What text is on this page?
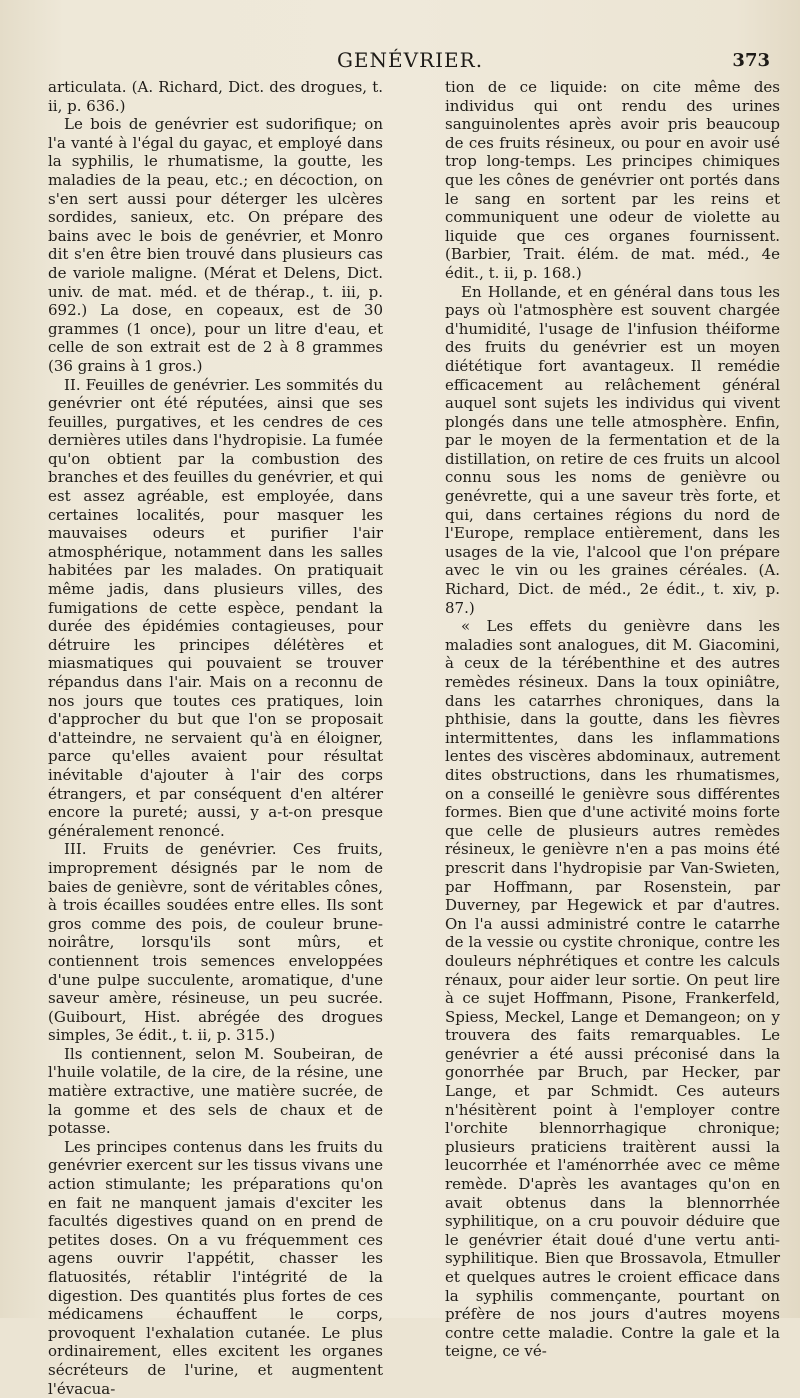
GENÉVRIER.	373

articulata. (A. Richard, Dict. des drogues, t. ii, p. 636.)

Le bois de genévrier est sudorifique; on l'a vanté à l'égal du gayac, et employé dans la syphilis, le rhumatisme, la goutte, les maladies de la peau, etc.; en décoction, on s'en sert aussi pour déterger les ulcères sordides, sanieux, etc. On prépare des bains avec le bois de genévrier, et Monro dit s'en être bien trouvé dans plusieurs cas de variole maligne. (Mérat et Delens, Dict. univ. de mat. méd. et de thérap., t. iii, p. 692.) La dose, en copeaux, est de 30 grammes (1 once), pour un litre d'eau, et celle de son extrait est de 2 à 8 grammes (36 grains à 1 gros.)

II. Feuilles de genévrier. Les sommités du genévrier ont été réputées, ainsi que ses feuilles, purgatives, et les cendres de ces dernières utiles dans l'hydropisie. La fumée qu'on obtient par la combustion des branches et des feuilles du genévrier, et qui est assez agréable, est employée, dans certaines localités, pour masquer les mauvaises odeurs et purifier l'air atmosphérique, notamment dans les salles habitées par les malades. On pratiquait même jadis, dans plusieurs villes, des fumigations de cette espèce, pendant la durée des épidémies contagieuses, pour détruire les principes délétères et miasmatiques qui pouvaient se trouver répandus dans l'air. Mais on a reconnu de nos jours que toutes ces pratiques, loin d'approcher du but que l'on se proposait d'atteindre, ne servaient qu'à en éloigner, parce qu'elles avaient pour résultat inévitable d'ajouter à l'air des corps étrangers, et par conséquent d'en altérer encore la pureté; aussi, y a-t-on presque généralement renoncé.

III. Fruits de genévrier. Ces fruits, improprement désignés par le nom de baies de genièvre, sont de véritables cônes, à trois écailles soudées entre elles. Ils sont gros comme des pois, de couleur brune-noirâtre, lorsqu'ils sont mûrs, et contiennent trois semences enveloppées d'une pulpe succulente, aromatique, d'une saveur amère, résineuse, un peu sucrée. (Guibourt, Hist. abrégée des drogues simples, 3e édit., t. ii, p. 315.)

Ils contiennent, selon M. Soubeiran, de l'huile volatile, de la cire, de la résine, une matière extractive, une matière sucrée, de la gomme et des sels de chaux et de potasse.

Les principes contenus dans les fruits du genévrier exercent sur les tissus vivans une action stimulante; les préparations qu'on en fait ne manquent jamais d'exciter les facultés digestives quand on en prend de petites doses. On a vu fréquemment ces agens ouvrir l'appétit, chasser les flatuosités, rétablir l'intégrité de la digestion. Des quantités plus fortes de ces médicamens échauffent le corps, provoquent l'exhalation cutanée. Le plus ordinairement, elles excitent les organes sécréteurs de l'urine, et augmentent l'évacua-

tion de ce liquide: on cite même des individus qui ont rendu des urines sanguinolentes après avoir pris beaucoup de ces fruits résineux, ou pour en avoir usé trop long-temps. Les principes chimiques que les cônes de genévrier ont portés dans le sang en sortent par les reins et communiquent une odeur de violette au liquide que ces organes fournissent. (Barbier, Trait. élém. de mat. méd., 4e édit., t. ii, p. 168.)

En Hollande, et en général dans tous les pays où l'atmosphère est souvent chargée d'humidité, l'usage de l'infusion théiforme des fruits du genévrier est un moyen diététique fort avantageux. Il remédie efficacement au relâchement général auquel sont sujets les individus qui vivent plongés dans une telle atmosphère. Enfin, par le moyen de la fermentation et de la distillation, on retire de ces fruits un alcool connu sous les noms de genièvre ou genévrette, qui a une saveur très forte, et qui, dans certaines régions du nord de l'Europe, remplace entièrement, dans les usages de la vie, l'alcool que l'on prépare avec le vin ou les graines céréales. (A. Richard, Dict. de méd., 2e édit., t. xiv, p. 87.)

« Les effets du genièvre dans les maladies sont analogues, dit M. Giacomini, à ceux de la térébenthine et des autres remèdes résineux. Dans la toux opiniâtre, dans les catarrhes chroniques, dans la phthisie, dans la goutte, dans les fièvres intermittentes, dans les inflammations lentes des viscères abdominaux, autrement dites obstructions, dans les rhumatismes, on a conseillé le genièvre sous différentes formes. Bien que d'une activité moins forte que celle de plusieurs autres remèdes résineux, le genièvre n'en a pas moins été prescrit dans l'hydropisie par Van-Swieten, par Hoffmann, par Rosenstein, par Duverney, par Hegewick et par d'autres. On l'a aussi administré contre le catarrhe de la vessie ou cystite chronique, contre les douleurs néphrétiques et contre les calculs rénaux, pour aider leur sortie. On peut lire à ce sujet Hoffmann, Pisone, Frankerfeld, Spiess, Meckel, Lange et Demangeon; on y trouvera des faits remarquables. Le genévrier a été aussi préconisé dans la gonorrhée par Bruch, par Hecker, par Lange, et par Schmidt. Ces auteurs n'hésitèrent point à l'employer contre l'orchite blennorrhagique chronique; plusieurs praticiens traitèrent aussi la leucorrhée et l'aménorrhée avec ce même remède. D'après les avantages qu'on en avait obtenus dans la blennorrhée syphilitique, on a cru pouvoir déduire que le genévrier était doué d'une vertu anti-syphilitique. Bien que Brossavola, Etmuller et quelques autres le croient efficace dans la syphilis commençante, pourtant on préfère de nos jours d'autres moyens contre cette maladie. Contre la gale et la teigne, ce vé-
